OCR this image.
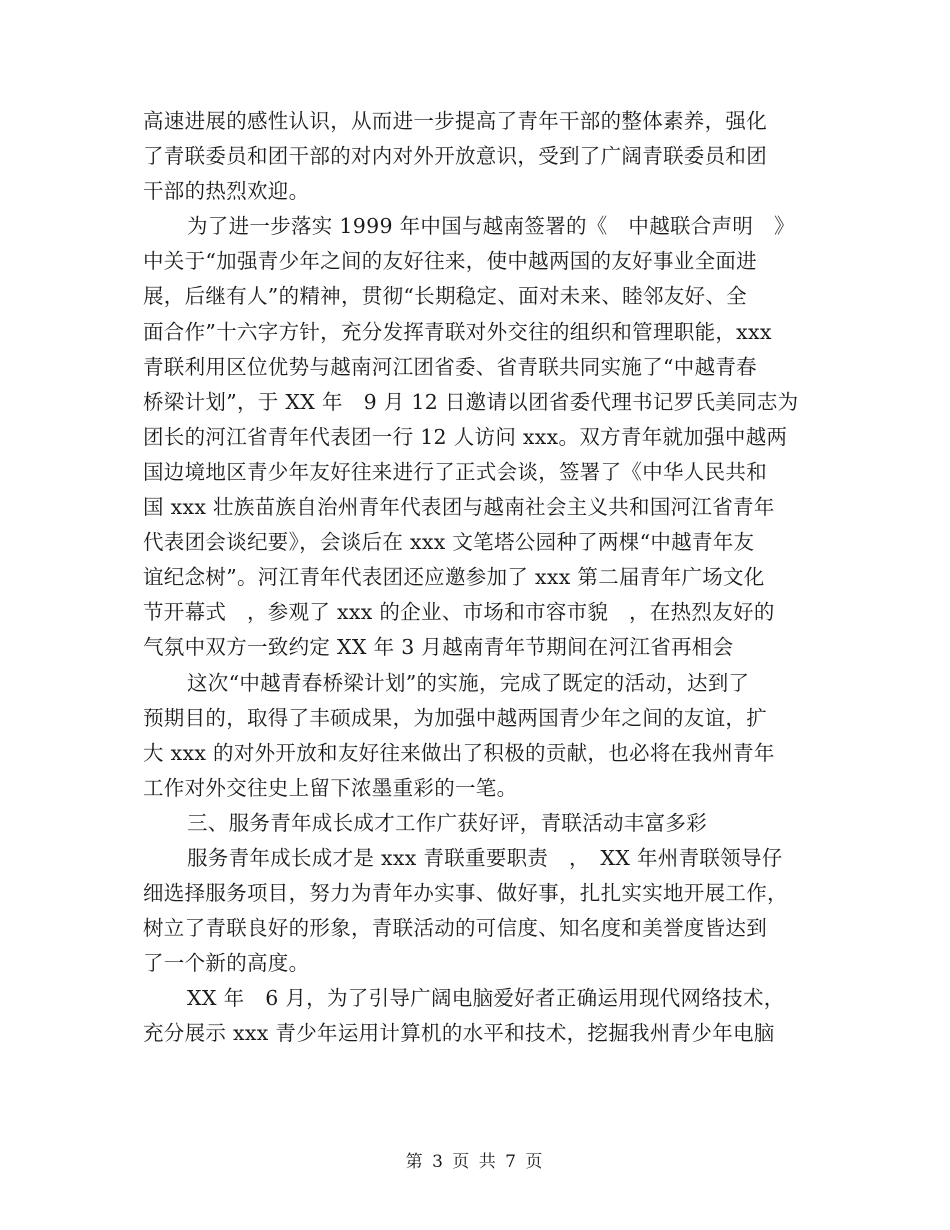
高速进展的感性认识，从而进一步提高了青年干部的整体素养，强化
了青联委员和团干部的对内对外开放意识，受到了广阔青联委员和团
干部的热烈欢迎。
为了进一步落实 1999 年中国与越南签署的《　中越联合声明　》
中关于“加强青少年之间的友好往来，使中越两国的友好事业全面进
展，后继有人”的精神，贯彻“长期稳定、面对未来、睦邻友好、全
面合作”十六字方针，充分发挥青联对外交往的组织和管理职能，xxx
青联利用区位优势与越南河江团省委、省青联共同实施了“中越青春
桥梁计划”，于 XX 年　9 月 12 日邀请以团省委代理书记罗氏美同志为
团长的河江省青年代表团一行 12 人访问 xxx。双方青年就加强中越两
国边境地区青少年友好往来进行了正式会谈，签署了《中华人民共和
国 xxx 壮族苗族自治州青年代表团与越南社会主义共和国河江省青年
代表团会谈纪要》，会谈后在 xxx 文笔塔公园种了两棵“中越青年友
谊纪念树”。河江青年代表团还应邀参加了 xxx 第二届青年广场文化
节开幕式　，参观了 xxx 的企业、市场和市容市貌　，在热烈友好的
气氛中双方一致约定 XX 年 3 月越南青年节期间在河江省再相会
这次“中越青春桥梁计划”的实施，完成了既定的活动，达到了
预期目的，取得了丰硕成果，为加强中越两国青少年之间的友谊，扩
大 xxx 的对外开放和友好往来做出了积极的贡献，也必将在我州青年
工作对外交往史上留下浓墨重彩的一笔。
三、服务青年成长成才工作广获好评，青联活动丰富多彩
服务青年成长成才是 xxx 青联重要职责　，　XX 年州青联领导仔
细选择服务项目，努力为青年办实事、做好事，扎扎实实地开展工作，
树立了青联良好的形象，青联活动的可信度、知名度和美誉度皆达到
了一个新的高度。
XX 年　6 月，为了引导广阔电脑爱好者正确运用现代网络技术，
充分展示 xxx 青少年运用计算机的水平和技术，挖掘我州青少年电脑
第 3 页 共 7 页
